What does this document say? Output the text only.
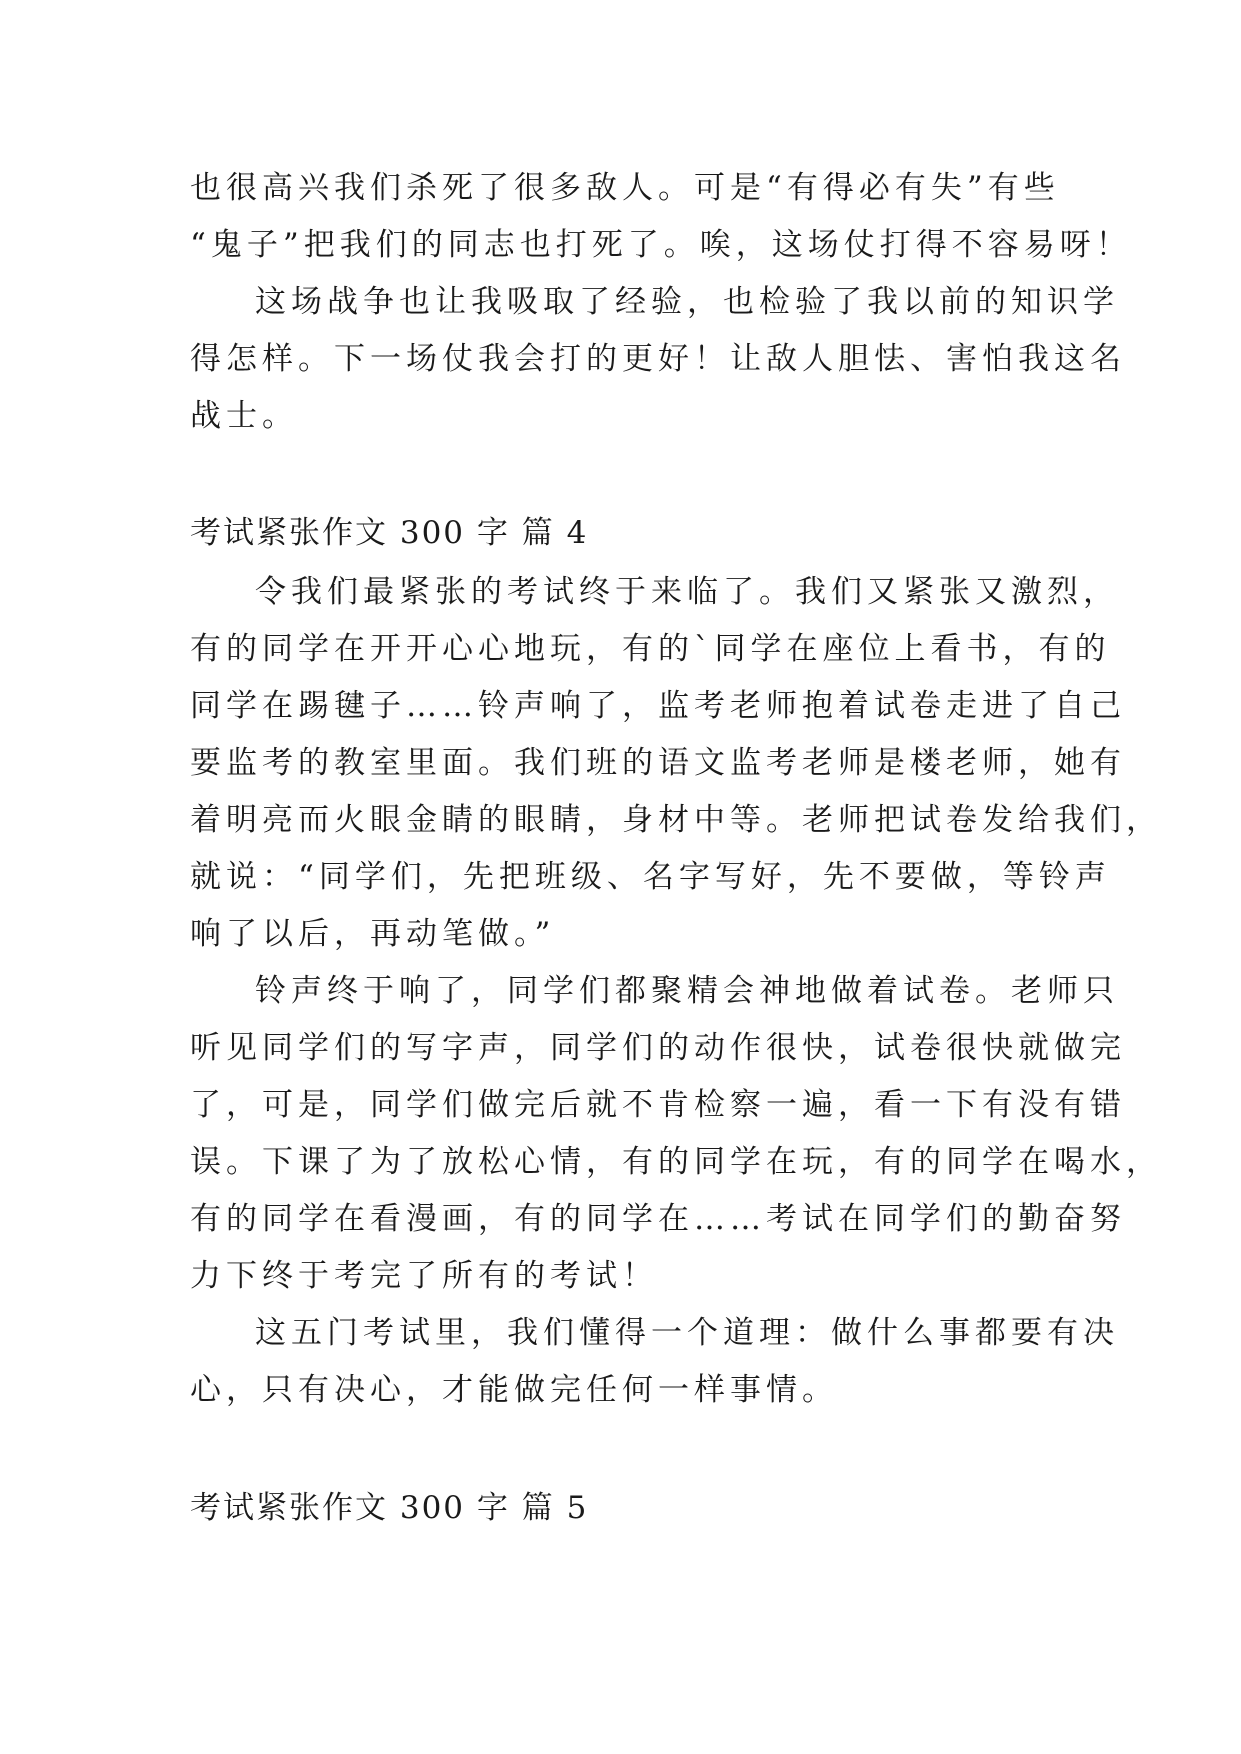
也很高兴我们杀死了很多敌人。可是“有得必有失”有些
“鬼子”把我们的同志也打死了。唉，这场仗打得不容易呀！
这场战争也让我吸取了经验，也检验了我以前的知识学
得怎样。下一场仗我会打的更好！让敌人胆怯、害怕我这名
战士。
考试紧张作文 300 字 篇 4
令我们最紧张的考试终于来临了。我们又紧张又激烈，
有的同学在开开心心地玩，有的`同学在座位上看书，有的
同学在踢毽子……铃声响了，监考老师抱着试卷走进了自己
要监考的教室里面。我们班的语文监考老师是楼老师，她有
着明亮而火眼金睛的眼睛，身材中等。老师把试卷发给我们，
就说：“同学们，先把班级、名字写好，先不要做，等铃声
响了以后，再动笔做。”
铃声终于响了，同学们都聚精会神地做着试卷。老师只
听见同学们的写字声，同学们的动作很快，试卷很快就做完
了，可是，同学们做完后就不肯检察一遍，看一下有没有错
误。下课了为了放松心情，有的同学在玩，有的同学在喝水，
有的同学在看漫画，有的同学在……考试在同学们的勤奋努
力下终于考完了所有的考试！
这五门考试里，我们懂得一个道理：做什么事都要有决
心，只有决心，才能做完任何一样事情。
考试紧张作文 300 字 篇 5
